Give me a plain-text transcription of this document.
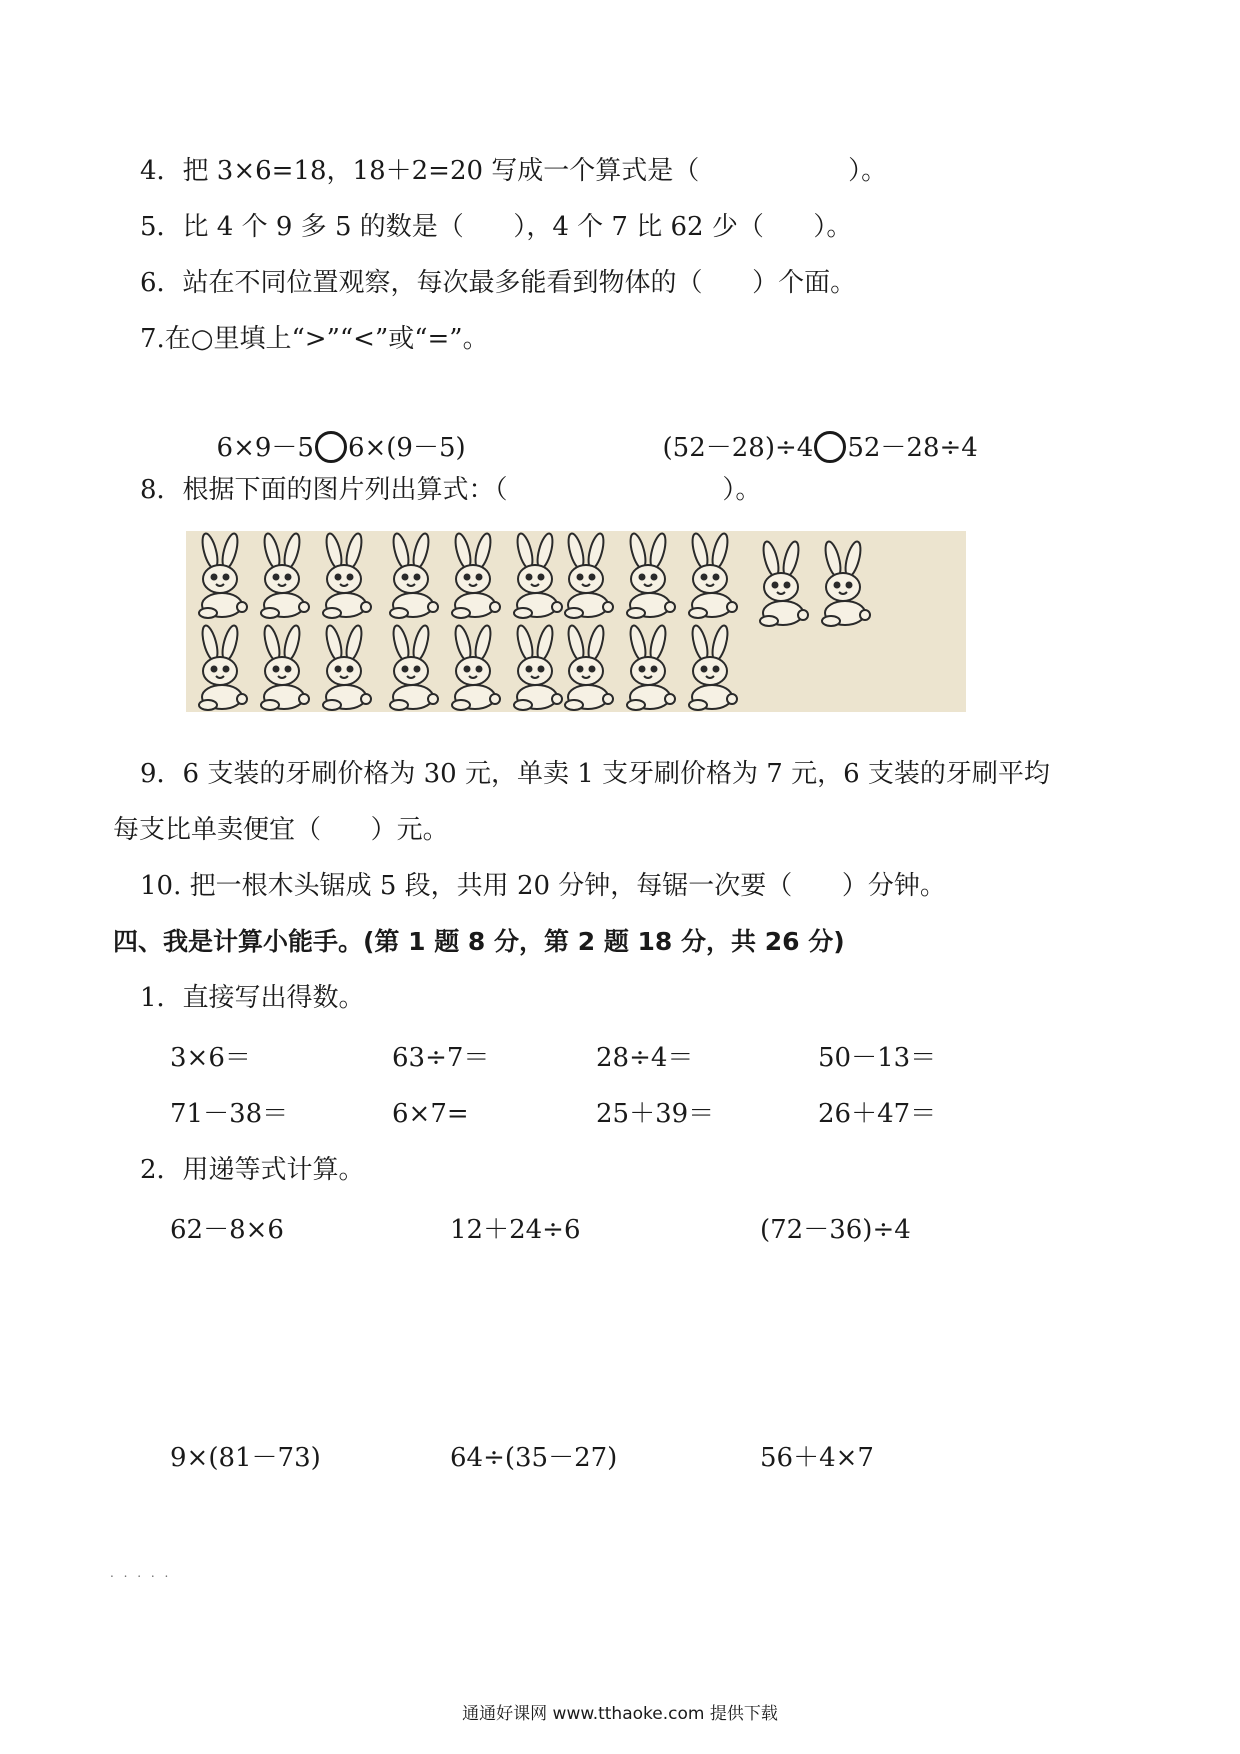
4．把 3×6=18，18＋2=20 写成一个算式是（                  ）。
5．比 4 个 9 多 5 的数是（      ），4 个 7 比 62 少（      ）。
6．站在不同位置观察，每次最多能看到物体的（      ）个面。
7.在○里填上“>”“<”或“=”。

6×9－5 6×(9－5)	(52－28)÷4 52－28÷4

8．根据下面的图片列出算式：（                          ）。
9．6 支装的牙刷价格为 30 元，单卖 1 支牙刷价格为 7 元，6 支装的牙刷平均
每支比单卖便宜（      ）元。
10. 把一根木头锯成 5 段，共用 20 分钟，每锯一次要（      ）分钟。
四、我是计算小能手。(第 1 题 8 分，第 2 题 18 分，共 26 分)
1．直接写出得数。
3×6＝	63÷7＝	28÷4＝	50－13＝
71－38＝	6×7=	25＋39＝	26＋47＝
2．用递等式计算。
62－8×6	12＋24÷6	(72－36)÷4
9×(81－73)	64÷(35－27)	56＋4×7
. . . . .
通通好课网 www.tthaoke.com 提供下载
